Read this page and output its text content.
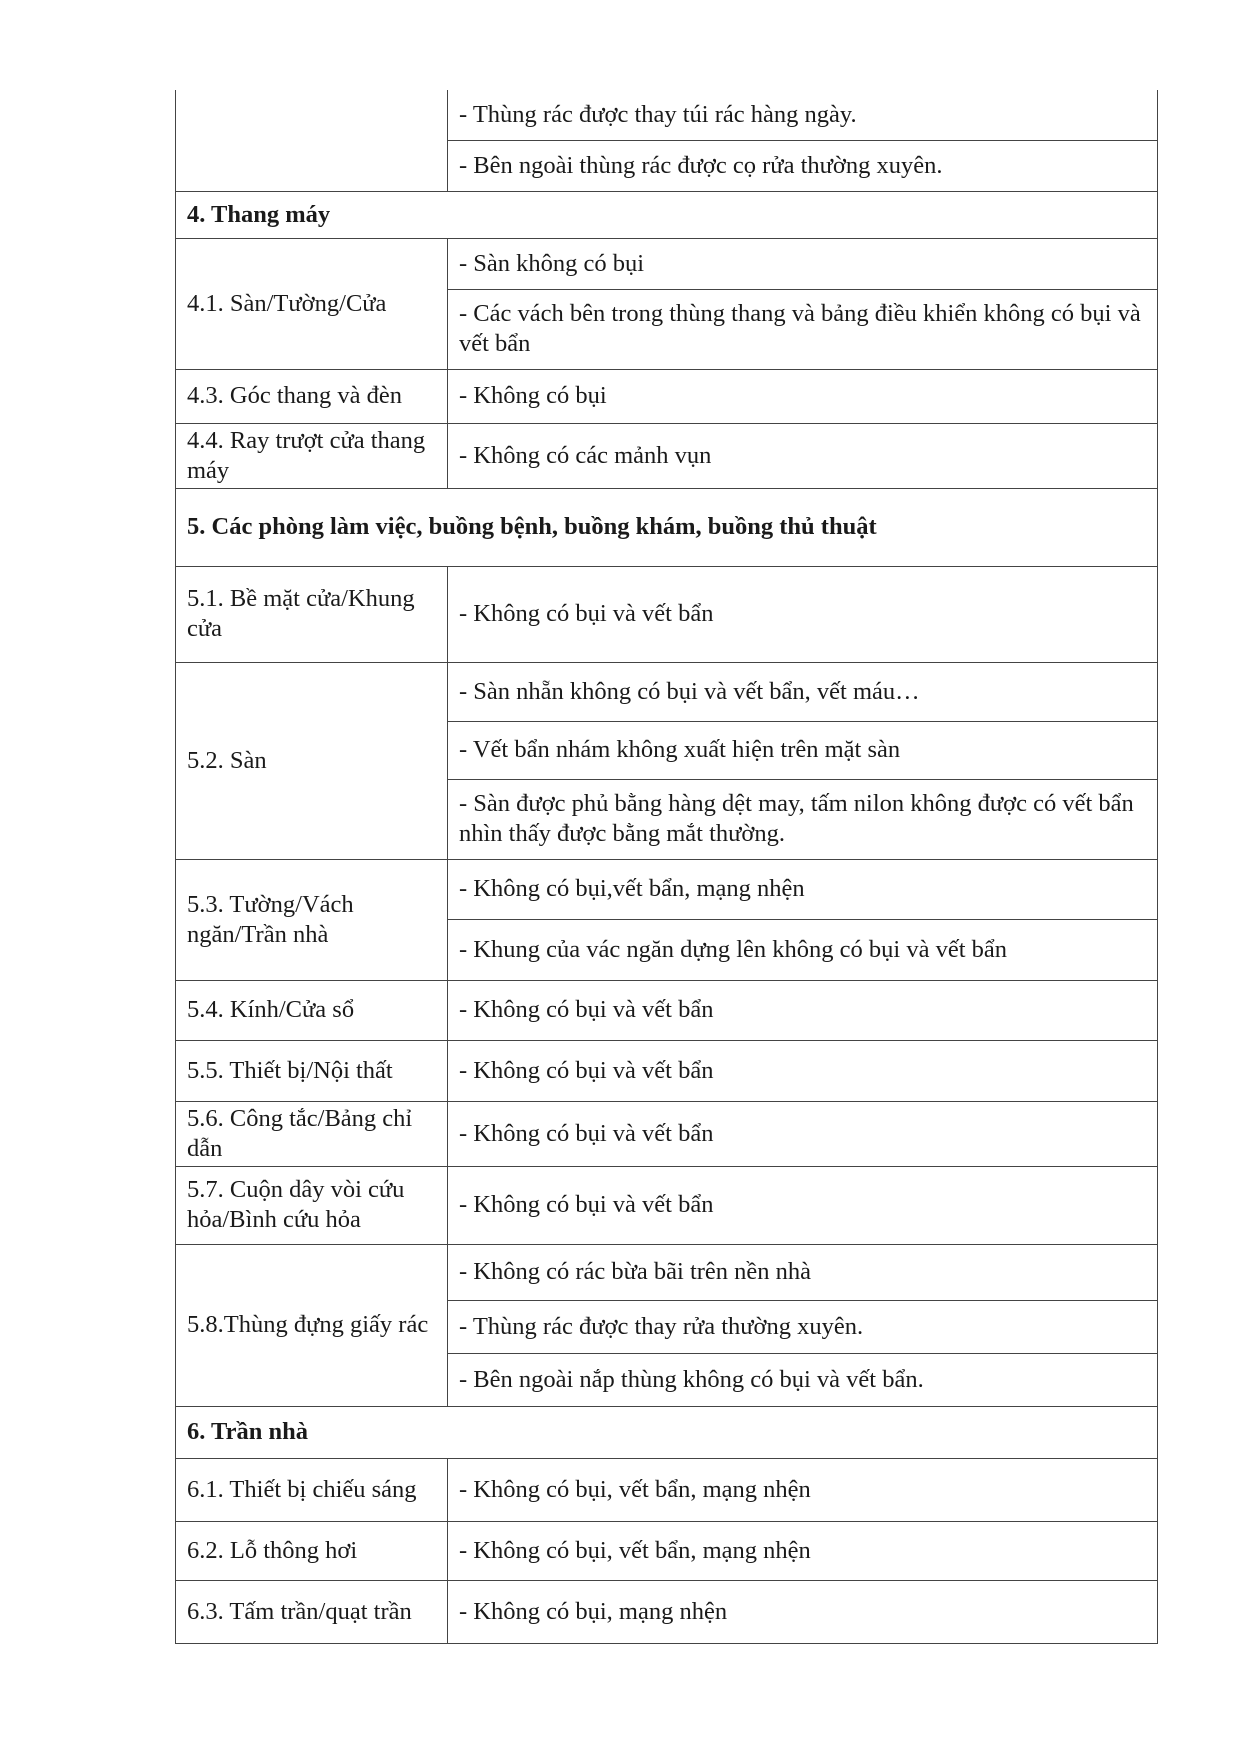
	- Thùng rác được thay túi rác hàng ngày.
	- Bên ngoài thùng rác được cọ rửa thường xuyên.
4. Thang máy	
4.1. Sàn/Tường/Cửa	- Sàn không có bụi
	- Các vách bên trong thùng thang và bảng điều khiển không có bụi và vết bẩn
4.3. Góc thang và đèn	- Không có bụi
4.4. Ray trượt cửa thang máy	- Không có các mảnh vụn
5. Các phòng làm việc, buồng bệnh, buồng khám, buồng thủ thuật	
5.1. Bề mặt cửa/Khung cửa	- Không có bụi và vết bẩn
5.2. Sàn	- Sàn nhẵn không có bụi và vết bẩn, vết máu…
	- Vết bẩn nhám không xuất hiện trên mặt sàn
	- Sàn được phủ bằng hàng dệt may, tấm nilon không được có vết bẩn nhìn thấy được bằng mắt thường.
5.3. Tường/Vách ngăn/Trần nhà	- Không có bụi,vết bẩn, mạng nhện
	- Khung của vác ngăn dựng lên không có bụi và vết bẩn
5.4. Kính/Cửa sổ	- Không có bụi và vết bẩn
5.5. Thiết bị/Nội thất	- Không có bụi và vết bẩn
5.6. Công tắc/Bảng chỉ dẫn	- Không có bụi và vết bẩn
5.7. Cuộn dây vòi cứu hỏa/Bình cứu hỏa	- Không có bụi và vết bẩn
5.8.Thùng đựng giấy rác	- Không có rác bừa bãi trên nền nhà
	- Thùng rác được thay rửa thường xuyên.
	- Bên ngoài nắp thùng không có bụi và vết bẩn.
6. Trần nhà	
6.1. Thiết bị chiếu sáng	- Không có bụi, vết bẩn, mạng nhện
6.2. Lỗ thông hơi	- Không có bụi, vết bẩn, mạng nhện
6.3. Tấm trần/quạt trần	- Không có bụi, mạng nhện
